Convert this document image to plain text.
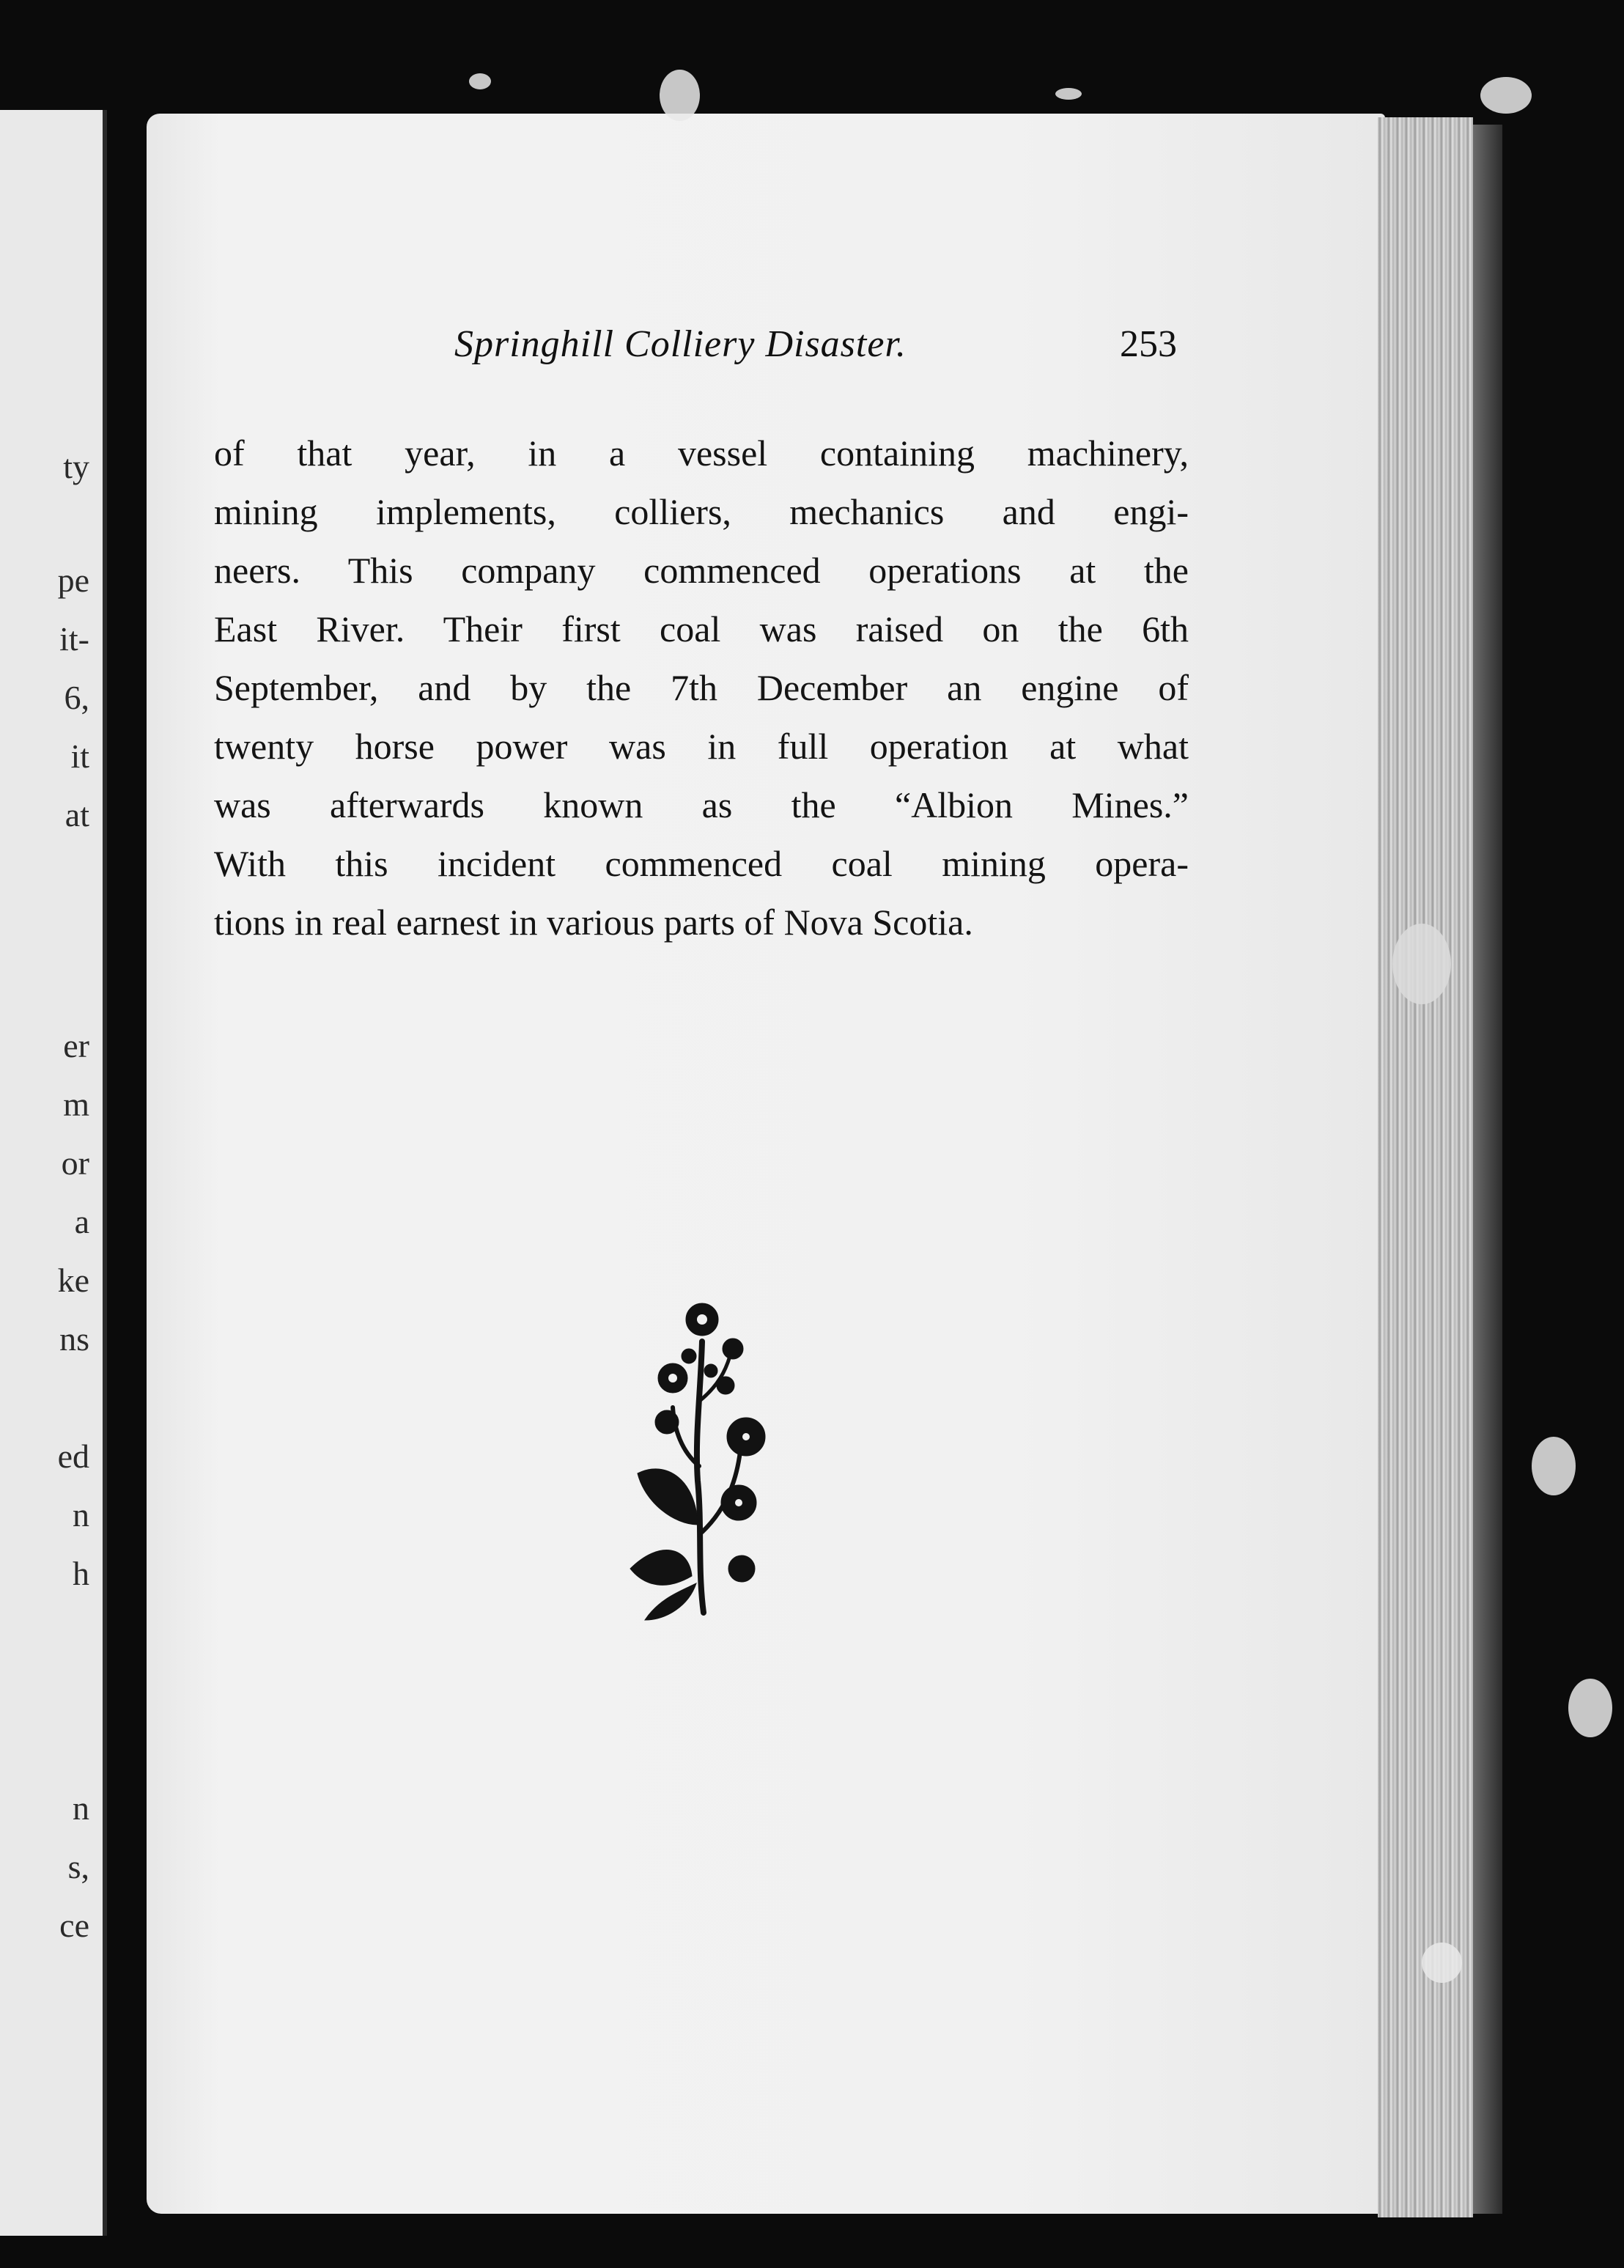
ty
pe
it-
6,
it
at
er
m
or
a
ke
ns
ed
n
h
n
s,
ce
Springhill Colliery Disaster.	253
of that year, in a vessel containing machinery,
mining implements, colliers, mechanics and engi-
neers. This company commenced operations at the
East River. Their first coal was raised on the 6th
September, and by the 7th December an engine of
twenty horse power was in full operation at what
was afterwards known as the “Albion Mines.”
With this incident commenced coal mining opera-
tions in real earnest in various parts of Nova Scotia.
